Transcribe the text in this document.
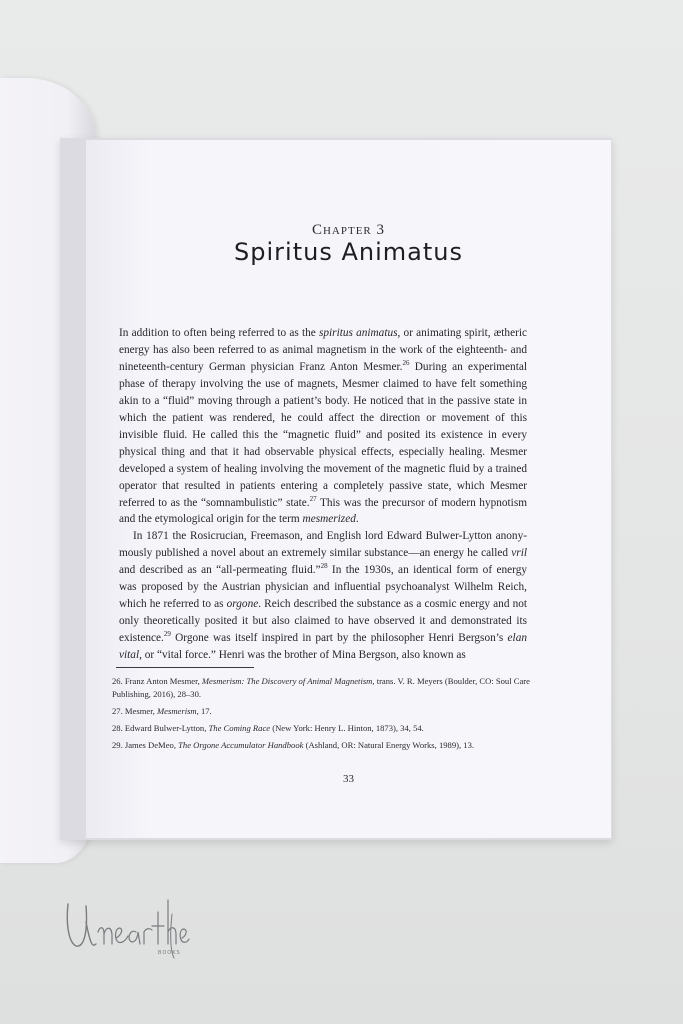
Chapter 3
Spiritus Animatus

In addition to often being referred to as the spiritus animatus, or animating spirit, ætheric energy has also been referred to as animal magnetism in the work of the eighteenth- and nineteenth-century German physician Franz Anton Mesmer.$^{26}$ During an experimental phase of therapy involving the use of magnets, Mesmer claimed to have felt something akin to a “fluid” moving through a patient’s body. He noticed that in the passive state in which the patient was rendered, he could affect the direction or movement of this invisible fluid. He called this the “magnetic fluid” and posited its existence in every physical thing and that it had observable physical effects, especially healing. Mesmer developed a system of healing involving the movement of the magnetic fluid by a trained operator that resulted in patients entering a completely passive state, which Mesmer referred to as the “somnambulistic” state.$^{27}$ This was the precursor of modern hypnotism and the etymological origin for the term mesmerized.

In 1871 the Rosicrucian, Freemason, and English lord Edward Bulwer-Lytton anonymously published a novel about an extremely similar substance—an energy he called vril and described as an “all-permeating fluid.”$^{28}$ In the 1930s, an identical form of energy was proposed by the Austrian physician and influential psychoanalyst Wilhelm Reich, which he referred to as orgone. Reich described the substance as a cosmic energy and not only theoretically posited it but also claimed to have observed it and demonstrated its existence.$^{29}$ Orgone was itself inspired in part by the philosopher Henri Bergson’s elan vital, or “vital force.” Henri was the brother of Mina Bergson, also known as

26. Franz Anton Mesmer, Mesmerism: The Discovery of Animal Magnetism, trans. V. R. Meyers (Boulder, CO: Soul Care Publishing, 2016), 28–30.

27. Mesmer, Mesmerism, 17.

28. Edward Bulwer-Lytton, The Coming Race (New York: Henry L. Hinton, 1873), 34, 54.

29. James DeMeo, The Orgone Accumulator Handbook (Ashland, OR: Natural Energy Works, 1989), 13.

33
BOOKS
